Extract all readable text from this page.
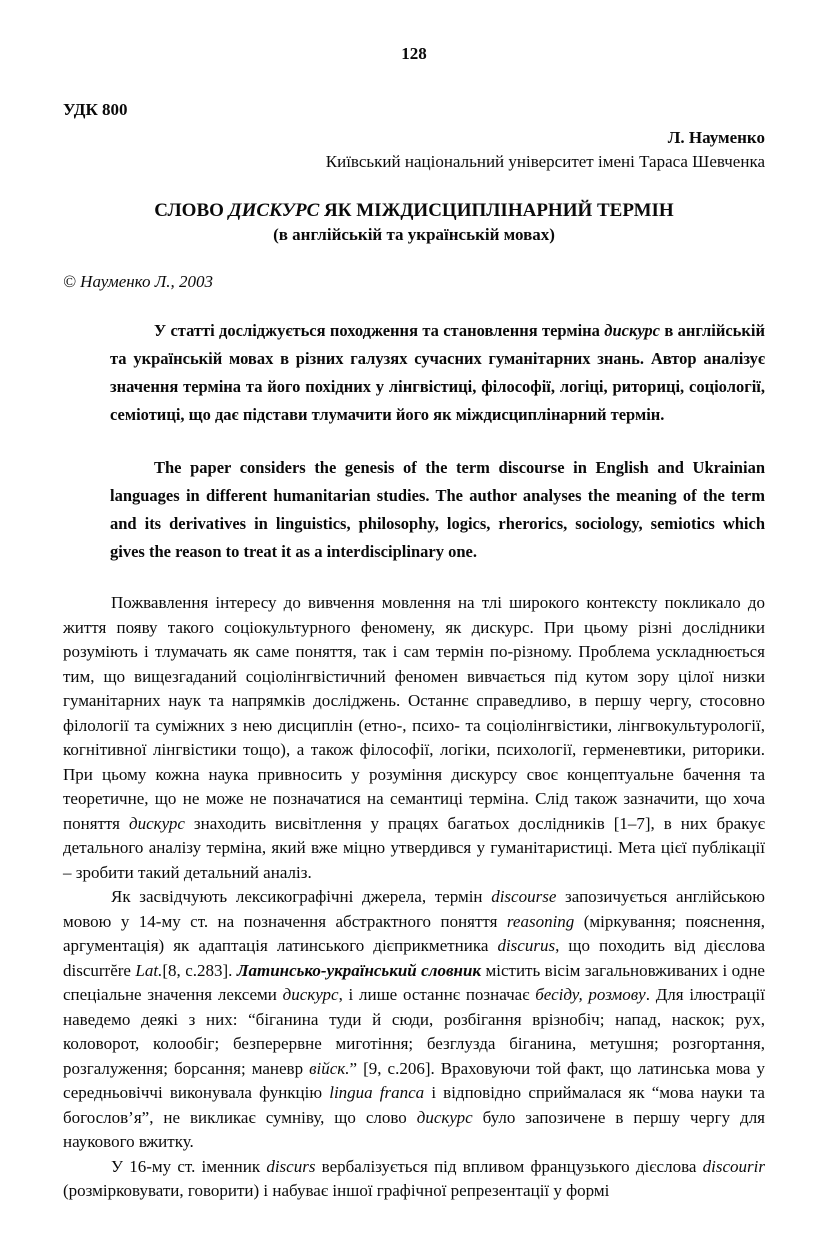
128
УДК 800
Л. Науменко
Київський національний університет імені Тараса Шевченка
СЛОВО ДИСКУРС ЯК МІЖДИСЦИПЛІНАРНИЙ ТЕРМІН
(в англійській та українській мовах)
© Науменко Л., 2003

У статті досліджується походження та становлення терміна дискурс в англійській та українській мовах в різних галузях сучасних гуманітарних знань. Автор аналізує значення терміна та його похідних у лінгвістиці, філософії, логіці, риториці, соціології, семіотиці, що дає підстави тлумачити його як міждисциплінарний термін.

The paper considers the genesis of the term discourse in English and Ukrainian languages in different humanitarian studies. The author analyses the meaning of the term and its derivatives in linguistics, philosophy, logics, rherorics, sociology, semiotics which gives the reason to treat it as a interdisciplinary one.

Пожвавлення інтересу до вивчення мовлення на тлі широкого контексту покликало до життя появу такого соціокультурного феномену, як дискурс. При цьому різні дослідники розуміють і тлумачать як саме поняття, так і сам термін по-різному. Проблема ускладнюється тим, що вищезгаданий соціолінгвістичний феномен вивчається під кутом зору цілої низки гуманітарних наук та напрямків досліджень. Останнє справедливо, в першу чергу, стосовно філології та суміжних з нею дисциплін (етно-, психо- та соціолінгвістики, лінгвокультурології, когнітивної лінгвістики тощо), а також філософії, логіки, психології, герменевтики, риторики. При цьому кожна наука привносить у розуміння дискурсу своє концептуальне бачення та теоретичне, що не може не позначатися на семантиці терміна. Слід також зазначити, що хоча поняття дискурс знаходить висвітлення у працях багатьох дослідників [1–7], в них бракує детального аналізу терміна, який вже міцно утвердився у гуманітаристиці. Мета цієї публікації – зробити такий детальний аналіз.

Як засвідчують лексикографічні джерела, термін discourse запозичується англійською мовою у 14-му ст. на позначення абстрактного поняття reasoning (міркування; пояснення, аргументація) як адаптація латинського дієприкметника discurus, що походить від дієслова discurrĕre Lat.[8, с.283]. Латинсько-український словник містить вісім загальновживаних і одне спеціальне значення лексеми дискурс, і лише останнє позначає бесіду, розмову. Для ілюстрації наведемо деякі з них: “біганина туди й сюди, розбігання врізнобіч; напад, наскок; рух, коловорот, колообіг; безперервне миготіння; безглузда біганина, метушня; розгортання, розгалуження; борсання; маневр війск.” [9, с.206]. Враховуючи той факт, що латинська мова у середньовіччі виконувала функцію lingua franca і відповідно сприймалася як “мова науки та богослов’я”, не викликає сумніву, що слово дискурс було запозичене в першу чергу для наукового вжитку.

У 16-му ст. іменник discurs вербалізується під впливом французького дієслова discourir (розмірковувати, говорити) і набуває іншої графічної репрезентації у формі
